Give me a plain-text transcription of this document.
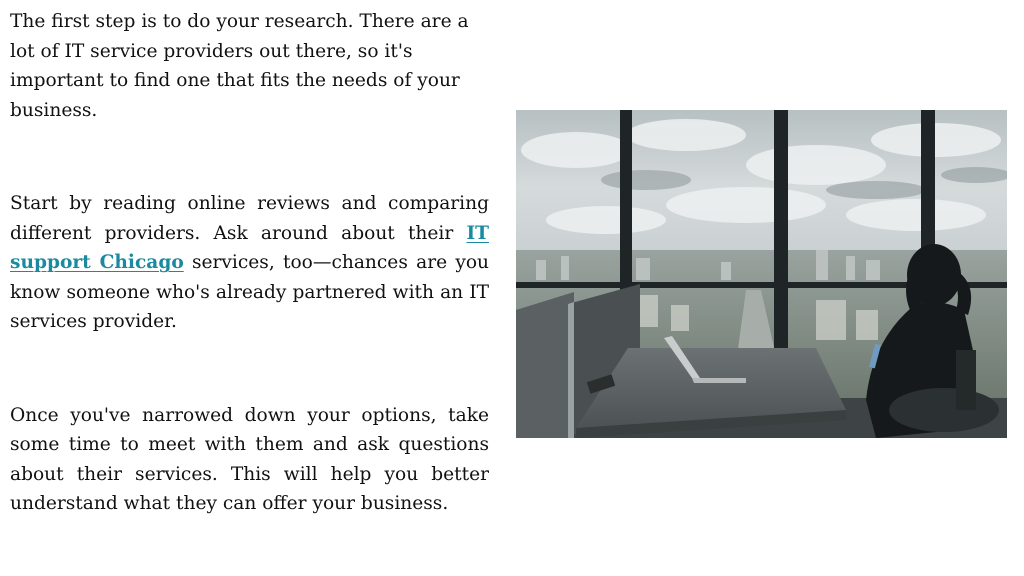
The first step is to do your research. There are a lot of IT service providers out there, so it's important to find one that fits the needs of your business.

Start by reading online reviews and comparing different providers. Ask around about their IT support Chicago services, too—chances are you know someone who's already partnered with an IT services provider.

Once you've narrowed down your options, take some time to meet with them and ask questions about their services. This will help you better understand what they can offer your business.
